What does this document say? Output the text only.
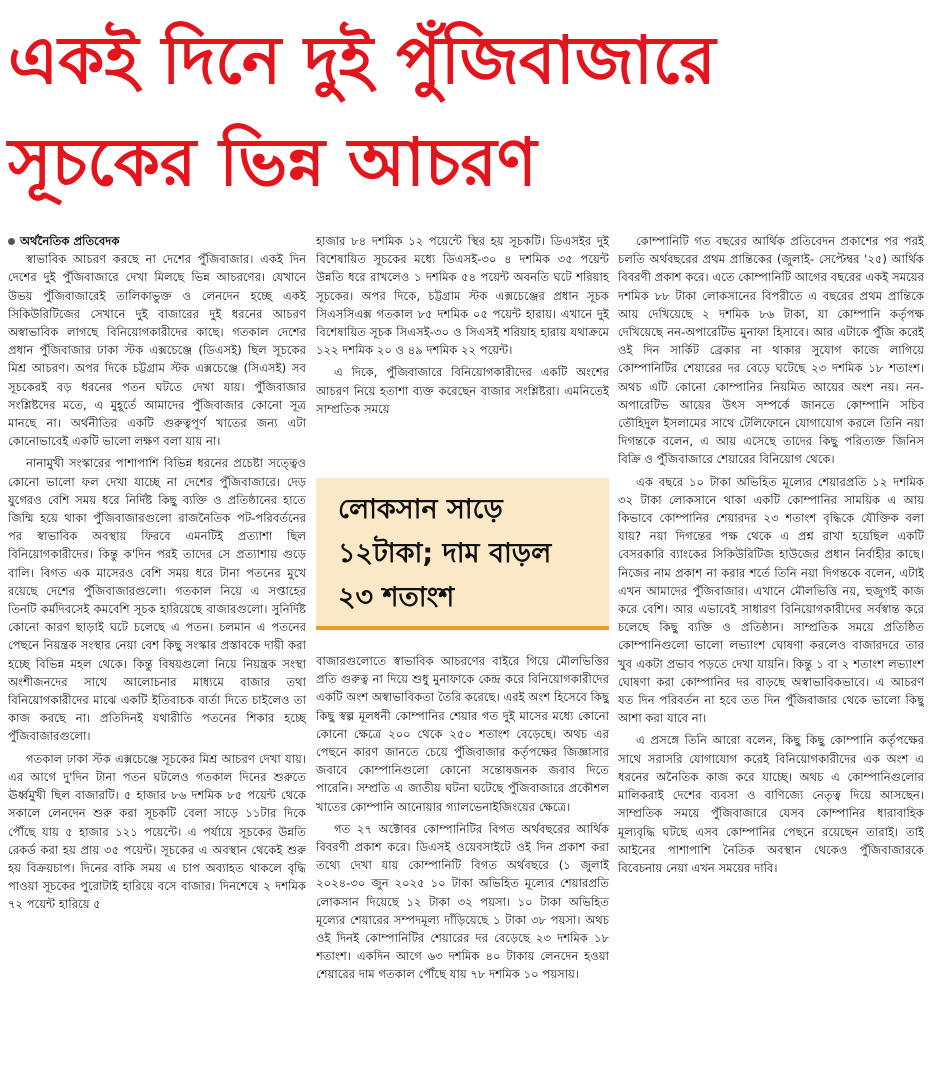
একই দিনে দুই পুঁজিবাজারে
সূচকের ভিন্ন আচরণ
অর্থনৈতিক প্রতিবেদক

স্বাভাবিক আচরণ করছে না দেশের পুঁজিবাজার। একই দিন দেশের দুই পুঁজিবাজারে দেখা মিলছে ভিন্ন আচরণের। যেখানে উভয় পুঁজিবাজারেই তালিকাভুক্ত ও লেনদেন হচ্ছে একই সিকিউরিটিজের সেখানে দুই বাজারের দুই ধরনের আচরণ অস্বাভাবিক লাগছে বিনিয়োগকারীদের কাছে। গতকাল দেশের প্রধান পুঁজিবাজার ঢাকা স্টক এক্সচেঞ্জে (ডিএসই) ছিল সূচকের মিশ্র আচরণ। অপর দিকে চট্টগ্রাম স্টক এক্সচেঞ্জে (সিএসই) সব সূচকেরই বড় ধরনের পতন ঘটতে দেখা যায়। পুঁজিবাজার সংশ্লিষ্টদের মতে, এ মুহূর্তে আমাদের পুঁজিবাজার কোনো সূত্র মানছে না। অর্থনীতির একটি গুরুত্বপূর্ণ খাতের জন্য এটা কোনোভাবেই একটি ভালো লক্ষণ বলা যায় না।

নানামুখী সংস্কারের পাশাপাশি বিভিন্ন ধরনের প্রচেষ্টা সত্ত্বেও কোনো ভালো ফল দেখা যাচ্ছে না দেশের পুঁজিবাজারে। দেড় যুগেরও বেশি সময় ধরে নির্দিষ্ট কিছু ব্যক্তি ও প্রতিষ্ঠানের হাতে জিম্মি হয়ে থাকা পুঁজিবাজারগুলো রাজনৈতিক পট-পরিবর্তনের পর স্বাভাবিক অবস্থায় ফিরবে এমনটিই প্রত্যাশা ছিল বিনিয়োগকারীদের। কিন্তু ক'দিন পরই তাদের সে প্রত্যাশায় গুড়ে বালি। বিগত এক মাসেরও বেশি সময় ধরে টানা পতনের মুখে রয়েছে দেশের পুঁজিবাজারগুলো। গতকাল নিয়ে এ সপ্তাহের তিনটি কর্মদিবসেই কমবেশি সূচক হারিয়েছে বাজারগুলো। সুনির্দিষ্ট কোনো কারণ ছাড়াই ঘটে চলেছে এ পতন। চলমান এ পতনের পেছনে নিয়ন্ত্রক সংস্থার নেয়া বেশ কিছু সংস্কার প্রস্তাবকে দায়ী করা হচ্ছে বিভিন্ন মহল থেকে। কিন্তু বিষয়গুলো নিয়ে নিয়ন্ত্রক সংস্থা অংশীজনদের সাথে আলোচনার মাধ্যমে বাজার তথা বিনিয়োগকারীদের মাঝে একটি ইতিবাচক বার্তা দিতে চাইলেও তা কাজ করছে না। প্রতিদিনই যথারীতি পতনের শিকার হচ্ছে পুঁজিবাজারগুলো।

গতকাল ঢাকা স্টক এক্সচেঞ্জে সূচকের মিশ্র আচরণ দেখা যায়। এর আগে দু'দিন টানা পতন ঘটলেও গতকাল দিনের শুরুতে ঊর্ধ্বমুখী ছিল বাজারটি। ৫ হাজার ৮৬ দশমিক ৮৫ পয়েন্ট থেকে সকালে লেনদেন শুরু করা সূচকটি বেলা সাড়ে ১১টার দিকে পৌঁছে যায় ৫ হাজার ১২১ পয়েন্টে। এ পর্যায়ে সূচকের উন্নতি রেকর্ড করা হয় প্রায় ৩৫ পয়েন্ট। সূচকের এ অবস্থান থেকেই শুরু হয় বিক্রয়চাপ। দিনের বাকি সময় এ চাপ অব্যাহত থাকলে বৃদ্ধি পাওয়া সূচকের পুরোটাই হারিয়ে বসে বাজার। দিনশেষে ২ দশমিক ৭২ পয়েন্ট হারিয়ে ৫

হাজার ৮৪ দশমিক ১২ পয়েন্টে স্থির হয় সূচকটি। ডিএসইর দুই বিশেষায়িত সূচকের মধ্যে ডিএসই-৩০ ৪ দশমিক ৩৫ পয়েন্ট উন্নতি ধরে রাখলেও ১ দশমিক ৫৪ পয়েন্ট অবনতি ঘটে শরিয়াহ সূচকের। অপর দিকে, চট্টগ্রাম স্টক এক্সচেঞ্জের প্রধান সূচক সিএসসিএক্স গতকাল ৮৫ দশমিক ০৫ পয়েন্ট হারায়। এখানে দুই বিশেষায়িত সূচক সিএসই-৩০ ও সিএসই শরিয়াহ হারায় যথাক্রমে ১২২ দশমিক ২০ ও ৪৯ দশমিক ২২ পয়েন্ট।

এ দিকে, পুঁজিবাজারে বিনিয়োগকারীদের একটি অংশের আচরণ নিয়ে হতাশা ব্যক্ত করেছেন বাজার সংশ্লিষ্টরা। এমনিতেই সাম্প্রতিক সময়ে

লোকসান সাড়ে ১২টাকা; দাম বাড়ল ২৩ শতাংশ

বাজারগুলোতে স্বাভাবিক আচরণের বাইরে গিয়ে মৌলভিত্তির প্রতি গুরুত্ব না দিয়ে শুধু মুনাফাকে কেন্দ্র করে বিনিয়োগকারীদের একটি অংশ অস্বাভাবিকতা তৈরি করেছে। এরই অংশ হিসেবে কিছু কিছু স্বল্প মূলধনী কোম্পানির শেয়ার গত দুই মাসের মধ্যে কোনো কোনো ক্ষেত্রে ২০০ থেকে ২৫০ শতাংশ বেড়েছে। অথচ এর পেছনে কারণ জানতে চেয়ে পুঁজিবাজার কর্তৃপক্ষের জিজ্ঞাসার জবাবে কোম্পানিগুলো কোনো সন্তোষজনক জবাব দিতে পারেনি। সম্প্রতি এ জাতীয় ঘটনা ঘটেছে পুঁজিবাজারে প্রকৌশল খাতের কোম্পানি আনোয়ার গ্যালভেনাইজিংয়ের ক্ষেত্রে।

গত ২৭ অক্টোবর কোম্পানিটির বিগত অর্থবছরের আর্থিক বিবরণী প্রকাশ করে। ডিএসই ওয়েবসাইটে ওই দিন প্রকাশ করা তথ্যে দেখা যায় কোম্পানিটি বিগত অর্থবছরে (১ জুলাই ২০২৪-৩০ জুন ২০২৫ ১০ টাকা অভিহিত মূল্যের শেয়ারপ্রতি লোকসান দিয়েছে ১২ টাকা ৩২ পয়সা। ১০ টাকা অভিহিত মূল্যের শেয়ারের সম্পদমূল্য দাঁড়িয়েছে ১ টাকা ৩৮ পয়সা। অথচ ওই দিনই কোম্পানিটির শেয়ারের দর বেড়েছে ২৩ দশমিক ১৮ শতাংশ। একদিন আগে ৬৩ দশমিক ৪০ টাকায় লেনদেন হওয়া শেয়ারের দাম গতকাল পৌঁছে যায় ৭৮ দশমিক ১০ পয়সায়।

কোম্পানিটি গত বছরের আর্থিক প্রতিবেদন প্রকাশের পর পরই চলতি অর্থবছরের প্রথম প্রান্তিকের (জুলাই- সেপ্টেম্বর '২৫) আর্থিক বিবরণী প্রকাশ করে। এতে কোম্পানিটি আগের বছরের একই সময়ের দশমিক ৮৮ টাকা লোকসানের বিপরীতে এ বছরের প্রথম প্রান্তিকে আয় দেখিয়েছে ২ দশমিক ৮৬ টাকা, যা কোম্পানি কর্তৃপক্ষ দেখিয়েছে নন-অপারেটিভ মুনাফা হিসাবে। আর এটাকে পুঁজি করেই ওই দিন সার্কিট ব্রেকার না থাকার সুযোগ কাজে লাগিয়ে কোম্পানিটির শেয়ারের দর বেড়ে ঘটেছে ২৩ দশমিক ১৮ শতাংশ। অথচ এটি কোনো কোম্পানির নিয়মিত আয়ের অংশ নয়। নন-অপারেটিভ আয়ের উৎস সম্পর্কে জানতে কোম্পানি সচিব তৌহিদুল ইসলামের সাথে টেলিফোনে যোগাযোগ করলে তিনি নয়া দিগন্তকে বলেন, এ আয় এসেছে তাদের কিছু পরিত্যক্ত জিনিস বিক্রি ও পুঁজিবাজারে শেয়ারের বিনিয়োগ থেকে।

এক বছরে ১০ টাকা অভিহিত মূল্যের শেয়ারপ্রতি ১২ দশমিক ৩২ টাকা লোকসানে থাকা একটি কোম্পানির সাময়িক এ আয় কিভাবে কোম্পানির শেয়ারদর ২৩ শতাংশ বৃদ্ধিকে যৌক্তিক বলা যায়? নয়া দিগন্তের পক্ষ থেকে এ প্রশ্ন রাখা হয়েছিল একটি বেসরকারি ব্যাংকের সিকিউরিটিজ হাউজের প্রধান নির্বাহীর কাছে। নিজের নাম প্রকাশ না করার শর্তে তিনি নয়া দিগন্তকে বলেন, এটাই এখন আমাদের পুঁজিবাজার। এখানে মৌলভিত্তি নয়, হুজুগই কাজ করে বেশি। আর এভাবেই সাধারণ বিনিয়োগকারীদের সর্বস্বান্ত করে চলেছে কিছু ব্যক্তি ও প্রতিষ্ঠান। সাম্প্রতিক সময়ে প্রতিষ্ঠিত কোম্পানিগুলো ভালো লভ্যাংশ ঘোষণা করলেও বাজারদরে তার খুব একটা প্রভাব পড়তে দেখা যায়নি। কিন্তু ১ বা ২ শতাংশ লভ্যাংশ ঘোষণা করা কোম্পানির দর বাড়ছে অস্বাভাবিকভাবে। এ আচরণ যত দিন পরিবর্তন না হবে তত দিন পুঁজিবাজার থেকে ভালো কিছু আশা করা যাবে না।

এ প্রসঙ্গে তিনি আরো বলেন, কিছু কিছু কোম্পানি কর্তৃপক্ষের সাথে সরাসরি যোগাযোগ করেই বিনিয়োগকারীদের এক অংশ এ ধরনের অনৈতিক কাজ করে যাচ্ছে। অথচ এ কোম্পানিগুলোর মালিকরাই দেশের ব্যবসা ও বাণিজ্যে নেতৃত্ব দিয়ে আসছেন। সাম্প্রতিক সময়ে পুঁজিবাজারে যেসব কোম্পানির ধারাবাহিক মূল্যবৃদ্ধি ঘটছে এসব কোম্পানির পেছনে রয়েছেন তারাই। তাই আইনের পাশাপাশি নৈতিক অবস্থান থেকেও পুঁজিবাজারকে বিবেচনায় নেয়া এখন সময়ের দাবি।
